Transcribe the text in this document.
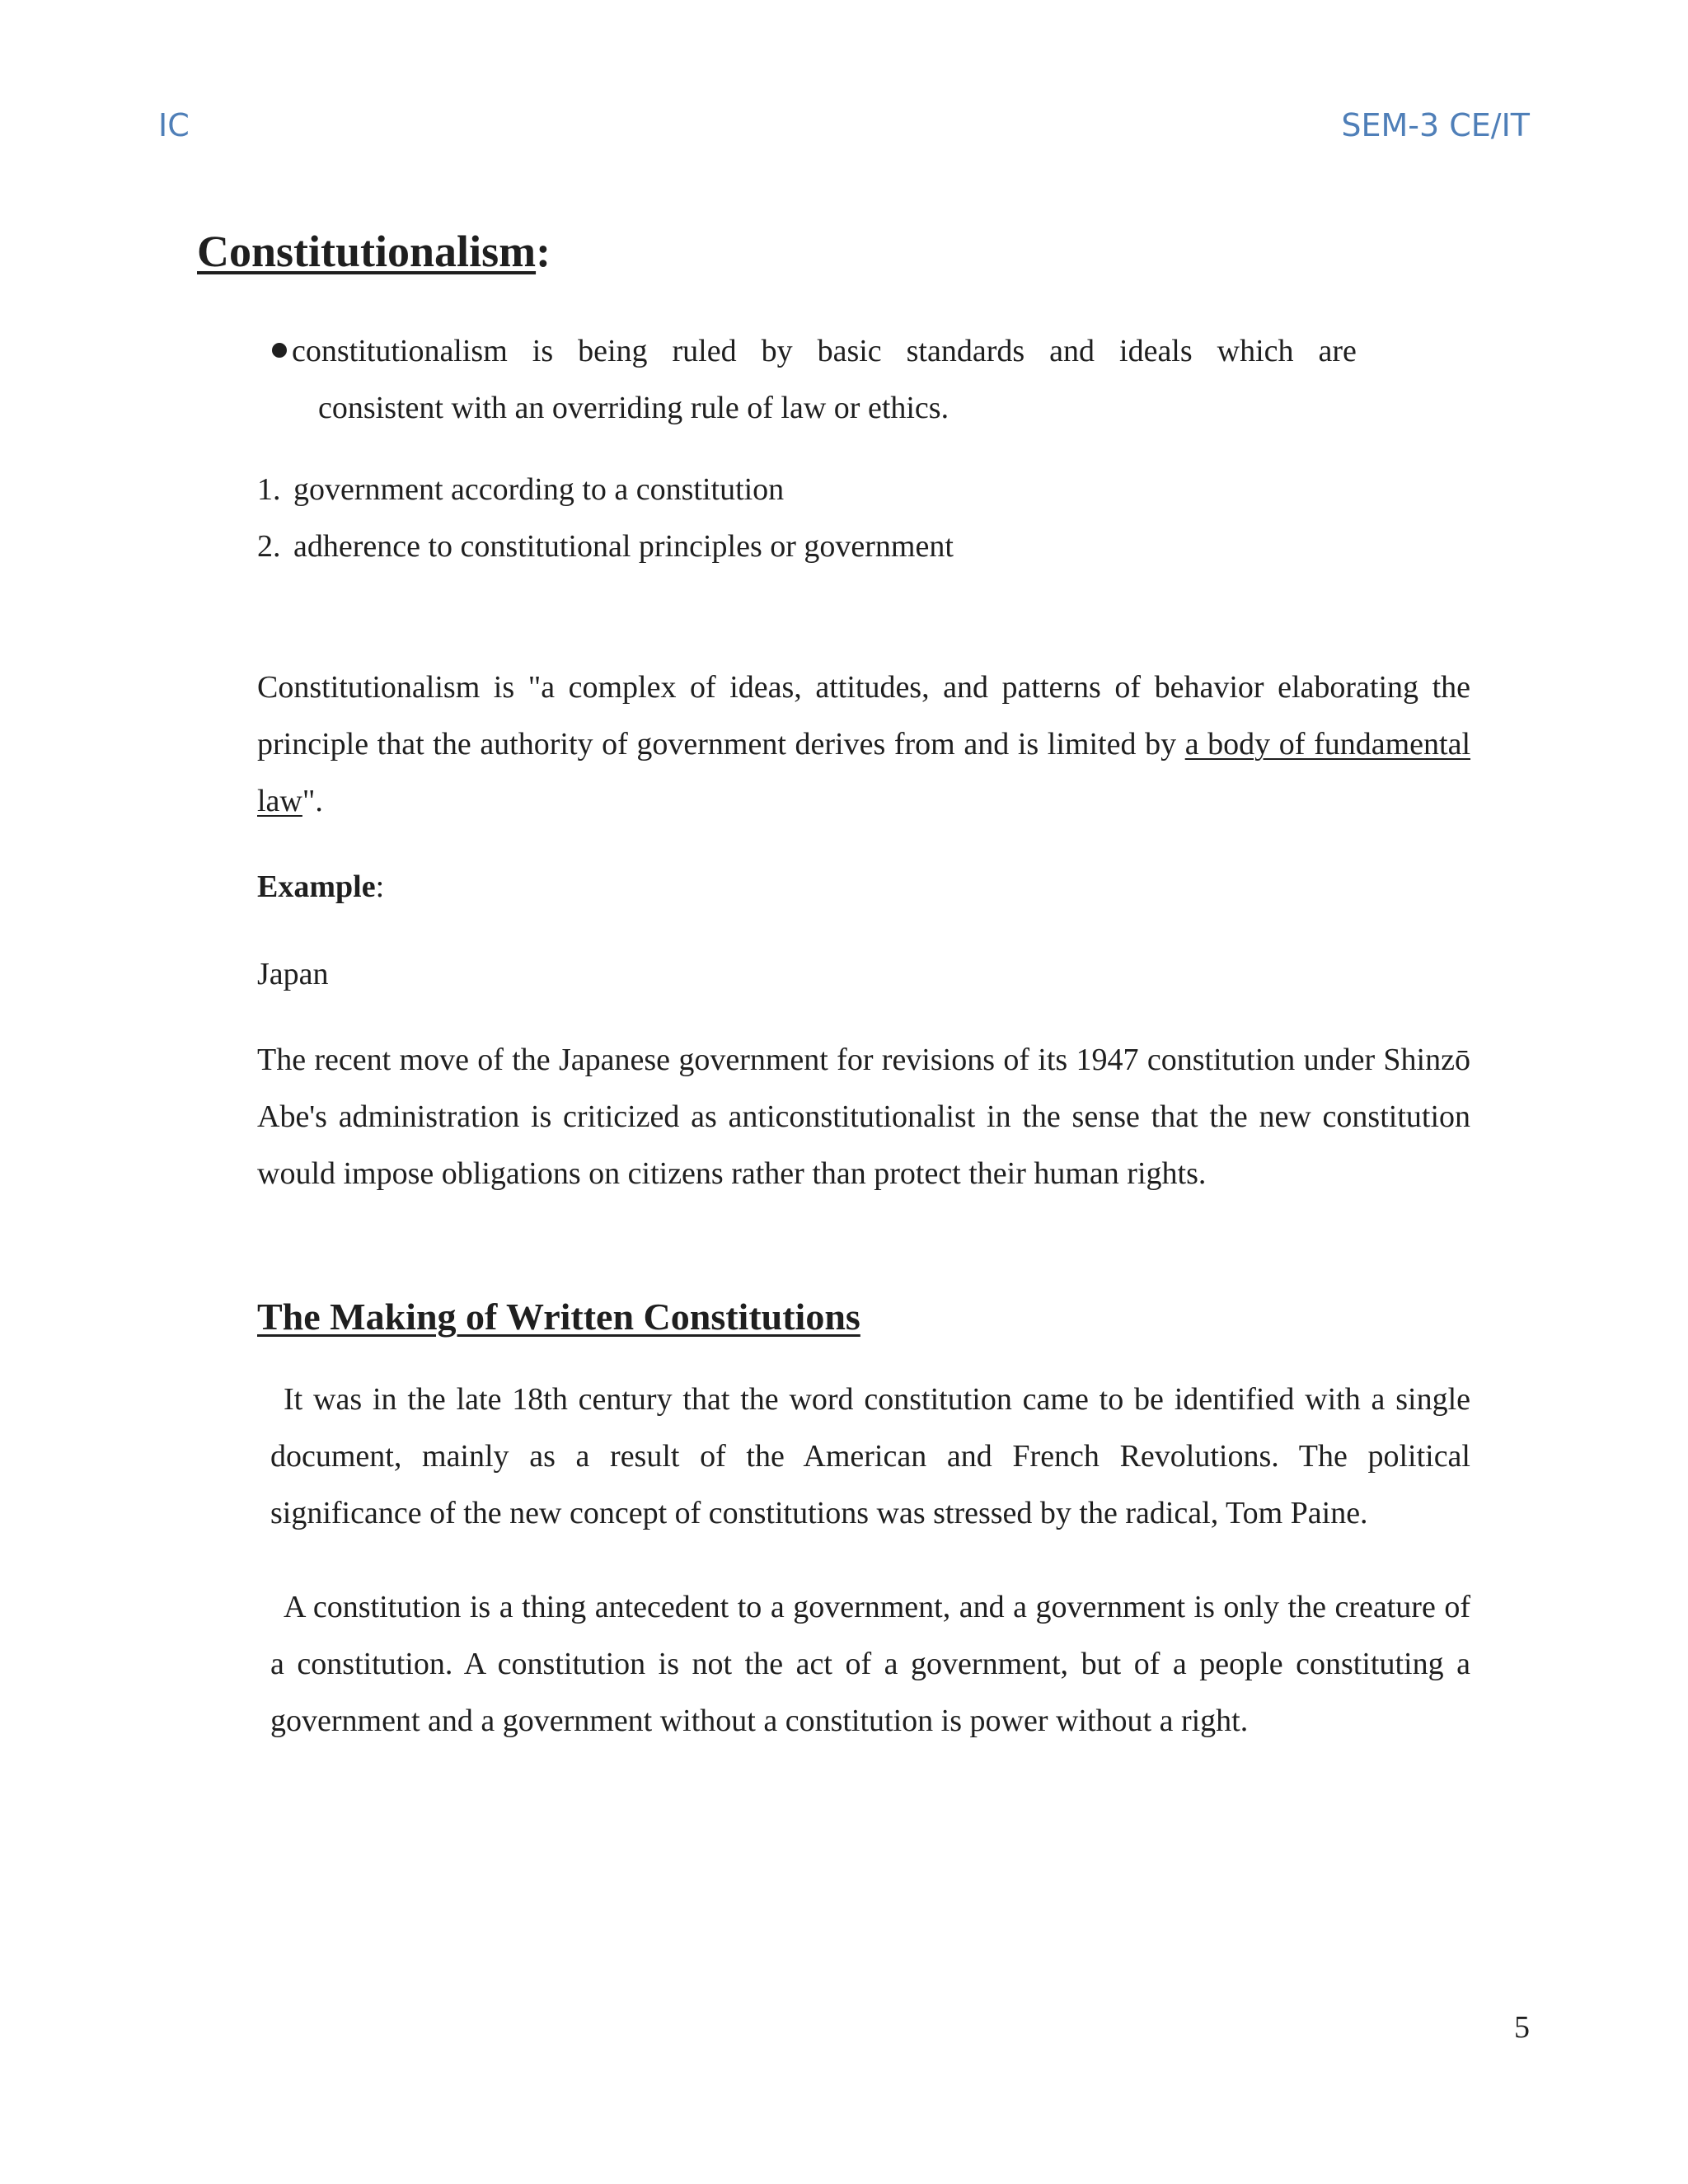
IC	SEM-3 CE/IT
Constitutionalism:
constitutionalism is being ruled by basic standards and ideals which are
consistent with an overriding rule of law or ethics.
1. government according to a constitution
2. adherence to constitutional principles or government

Constitutionalism is "a complex of ideas, attitudes, and patterns of behavior elaborating the principle that the authority of government derives from and is limited by a body of fundamental law".

Example:
Japan

The recent move of the Japanese government for revisions of its 1947 constitution under Shinzō Abe's administration is criticized as anticonstitutionalist in the sense that the new constitution would impose obligations on citizens rather than protect their human rights.

The Making of Written Constitutions

It was in the late 18th century that the word constitution came to be identified with a single document, mainly as a result of the American and French Revolutions. The political significance of the new concept of constitutions was stressed by the radical, Tom Paine.

A constitution is a thing antecedent to a government, and a government is only the creature of a constitution. A constitution is not the act of a government, but of a people constituting a government and a government without a constitution is power without a right.

5
